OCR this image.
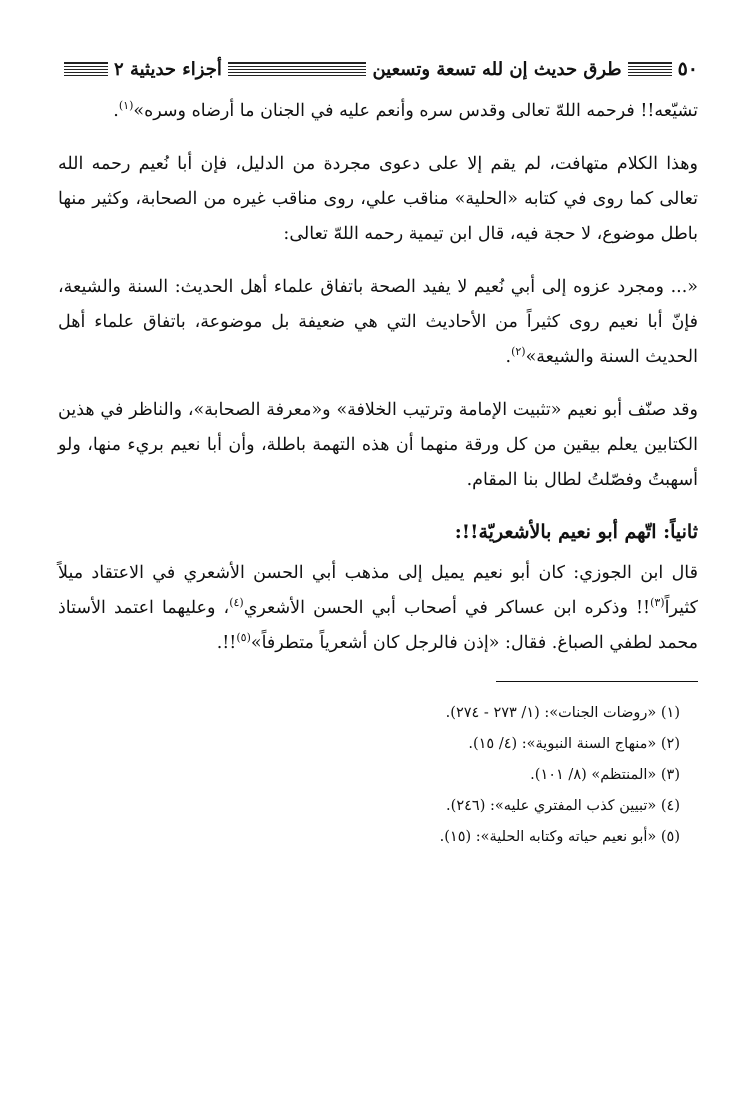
٥٠
طرق حديث إن لله تسعة وتسعين
أجزاء حديثية ٢

تشيّعه!! فرحمه اللهّ تعالى وقدس سره وأنعم عليه في الجنان ما أرضاه وسره»$^{(١)}$.

وهذا الكلام متهافت، لم يقم إلا على دعوى مجردة من الدليل، فإن أبا نُعيم رحمه الله تعالى كما روى في كتابه «الحلية» مناقب علي، روى مناقب غيره من الصحابة، وكثير منها باطل موضوع، لا حجة فيه، قال ابن تيمية رحمه اللهّ تعالى:

«... ومجرد عزوه إلى أبي نُعيم لا يفيد الصحة باتفاق علماء أهل الحديث: السنة والشيعة، فإنّ أبا نعيم روى كثيراً من الأحاديث التي هي ضعيفة بل موضوعة، باتفاق علماء أهل الحديث السنة والشيعة»$^{(٢)}$.

وقد صنّف أبو نعيم «تثبيت الإمامة وترتيب الخلافة» و«معرفة الصحابة»، والناظر في هذين الكتابين يعلم بيقين من كل ورقة منهما أن هذه التهمة باطلة، وأن أبا نعيم بريء منها، ولو أسهبتُ وفصّلتُ لطال بنا المقام.

ثانياً: اتّهم أبو نعيم بالأشعريّة!!:

قال ابن الجوزي: كان أبو نعيم يميل إلى مذهب أبي الحسن الأشعري في الاعتقاد ميلاً كثيراً$^{(٣)}$!! وذكره ابن عساكر في أصحاب أبي الحسن الأشعري$^{(٤)}$، وعليهما اعتمد الأستاذ محمد لطفي الصباغ. فقال: «إذن فالرجل كان أشعرياً متطرفاً»$^{(٥)}$!!.

(١) «روضات الجنات»: (١/ ٢٧٣ - ٢٧٤).
(٢) «منهاج السنة النبوية»: (٤/ ١٥).
(٣) «المنتظم» (٨/ ١٠١).
(٤) «تبيين كذب المفتري عليه»: (٢٤٦).
(٥) «أبو نعيم حياته وكتابه الحلية»: (١٥).
